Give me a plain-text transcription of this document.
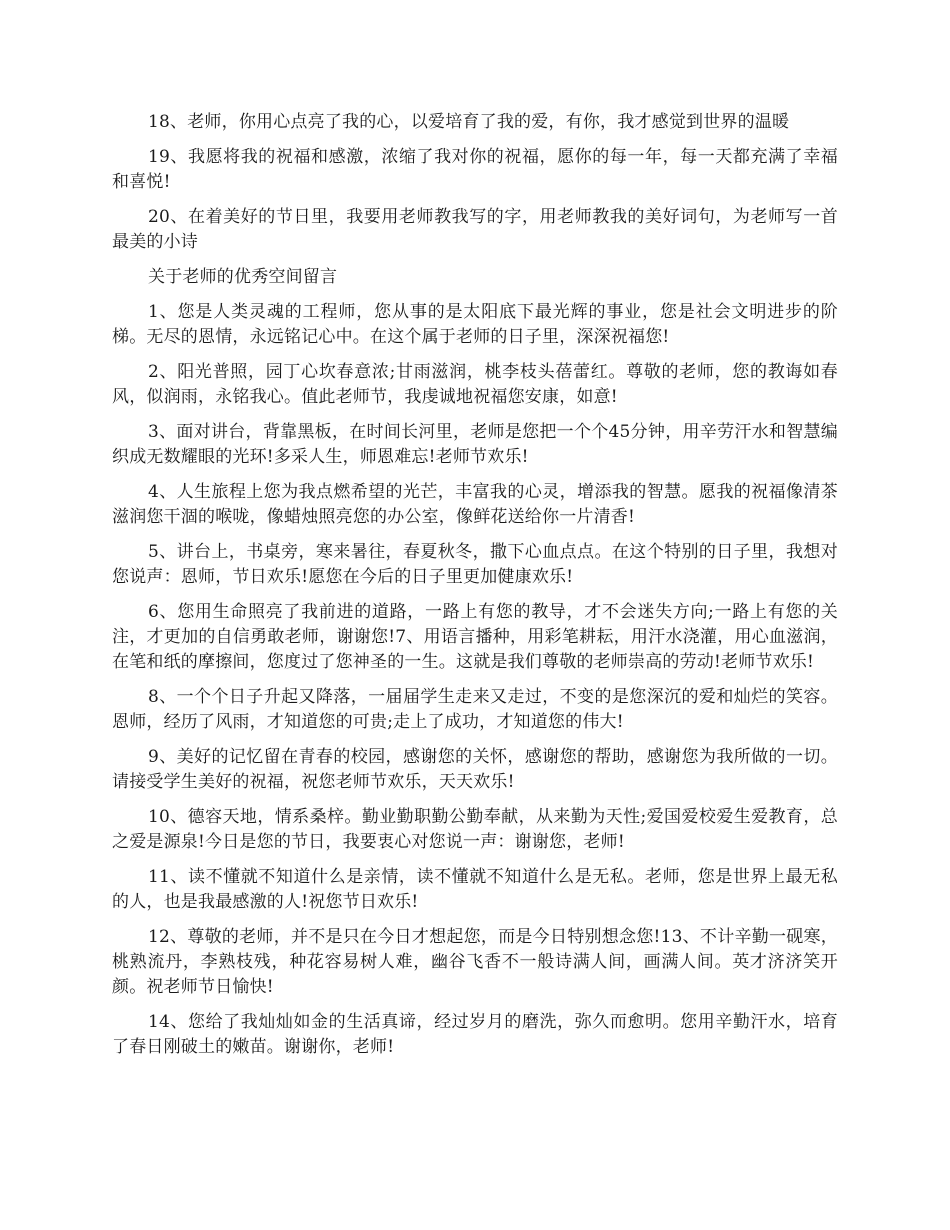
18、老师，你用心点亮了我的心，以爱培育了我的爱，有你，我才感觉到世界的温暖

19、我愿将我的祝福和感激，浓缩了我对你的祝福，愿你的每一年，每一天都充满了幸福和喜悦!

20、在着美好的节日里，我要用老师教我写的字，用老师教我的美好词句，为老师写一首最美的小诗

关于老师的优秀空间留言

1、您是人类灵魂的工程师，您从事的是太阳底下最光辉的事业，您是社会文明进步的阶梯。无尽的恩情，永远铭记心中。在这个属于老师的日子里，深深祝福您!

2、阳光普照，园丁心坎春意浓;甘雨滋润，桃李枝头蓓蕾红。尊敬的老师，您的教诲如春风，似润雨，永铭我心。值此老师节，我虔诚地祝福您安康，如意!

3、面对讲台，背靠黑板，在时间长河里，老师是您把一个个45分钟，用辛劳汗水和智慧编织成无数耀眼的光环!多采人生，师恩难忘!老师节欢乐!

4、人生旅程上您为我点燃希望的光芒，丰富我的心灵，增添我的智慧。愿我的祝福像清茶滋润您干涸的喉咙，像蜡烛照亮您的办公室，像鲜花送给你一片清香!

5、讲台上，书桌旁，寒来暑往，春夏秋冬，撒下心血点点。在这个特别的日子里，我想对您说声：恩师，节日欢乐!愿您在今后的日子里更加健康欢乐!

6、您用生命照亮了我前进的道路，一路上有您的教导，才不会迷失方向;一路上有您的关注，才更加的自信勇敢老师，谢谢您!7、用语言播种，用彩笔耕耘，用汗水浇灌，用心血滋润，在笔和纸的摩擦间，您度过了您神圣的一生。这就是我们尊敬的老师崇高的劳动!老师节欢乐!

8、一个个日子升起又降落，一届届学生走来又走过，不变的是您深沉的爱和灿烂的笑容。恩师，经历了风雨，才知道您的可贵;走上了成功，才知道您的伟大!

9、美好的记忆留在青春的校园，感谢您的关怀，感谢您的帮助，感谢您为我所做的一切。请接受学生美好的祝福，祝您老师节欢乐，天天欢乐!

10、德容天地，情系桑梓。勤业勤职勤公勤奉献，从来勤为天性;爱国爱校爱生爱教育，总之爱是源泉!今日是您的节日，我要衷心对您说一声：谢谢您，老师!

11、读不懂就不知道什么是亲情，读不懂就不知道什么是无私。老师，您是世界上最无私的人，也是我最感激的人!祝您节日欢乐!

12、尊敬的老师，并不是只在今日才想起您，而是今日特别想念您!13、不计辛勤一砚寒，桃熟流丹，李熟枝残，种花容易树人难，幽谷飞香不一般诗满人间，画满人间。英才济济笑开颜。祝老师节日愉快!

14、您给了我灿灿如金的生活真谛，经过岁月的磨洗，弥久而愈明。您用辛勤汗水，培育了春日刚破土的嫩苗。谢谢你，老师!
